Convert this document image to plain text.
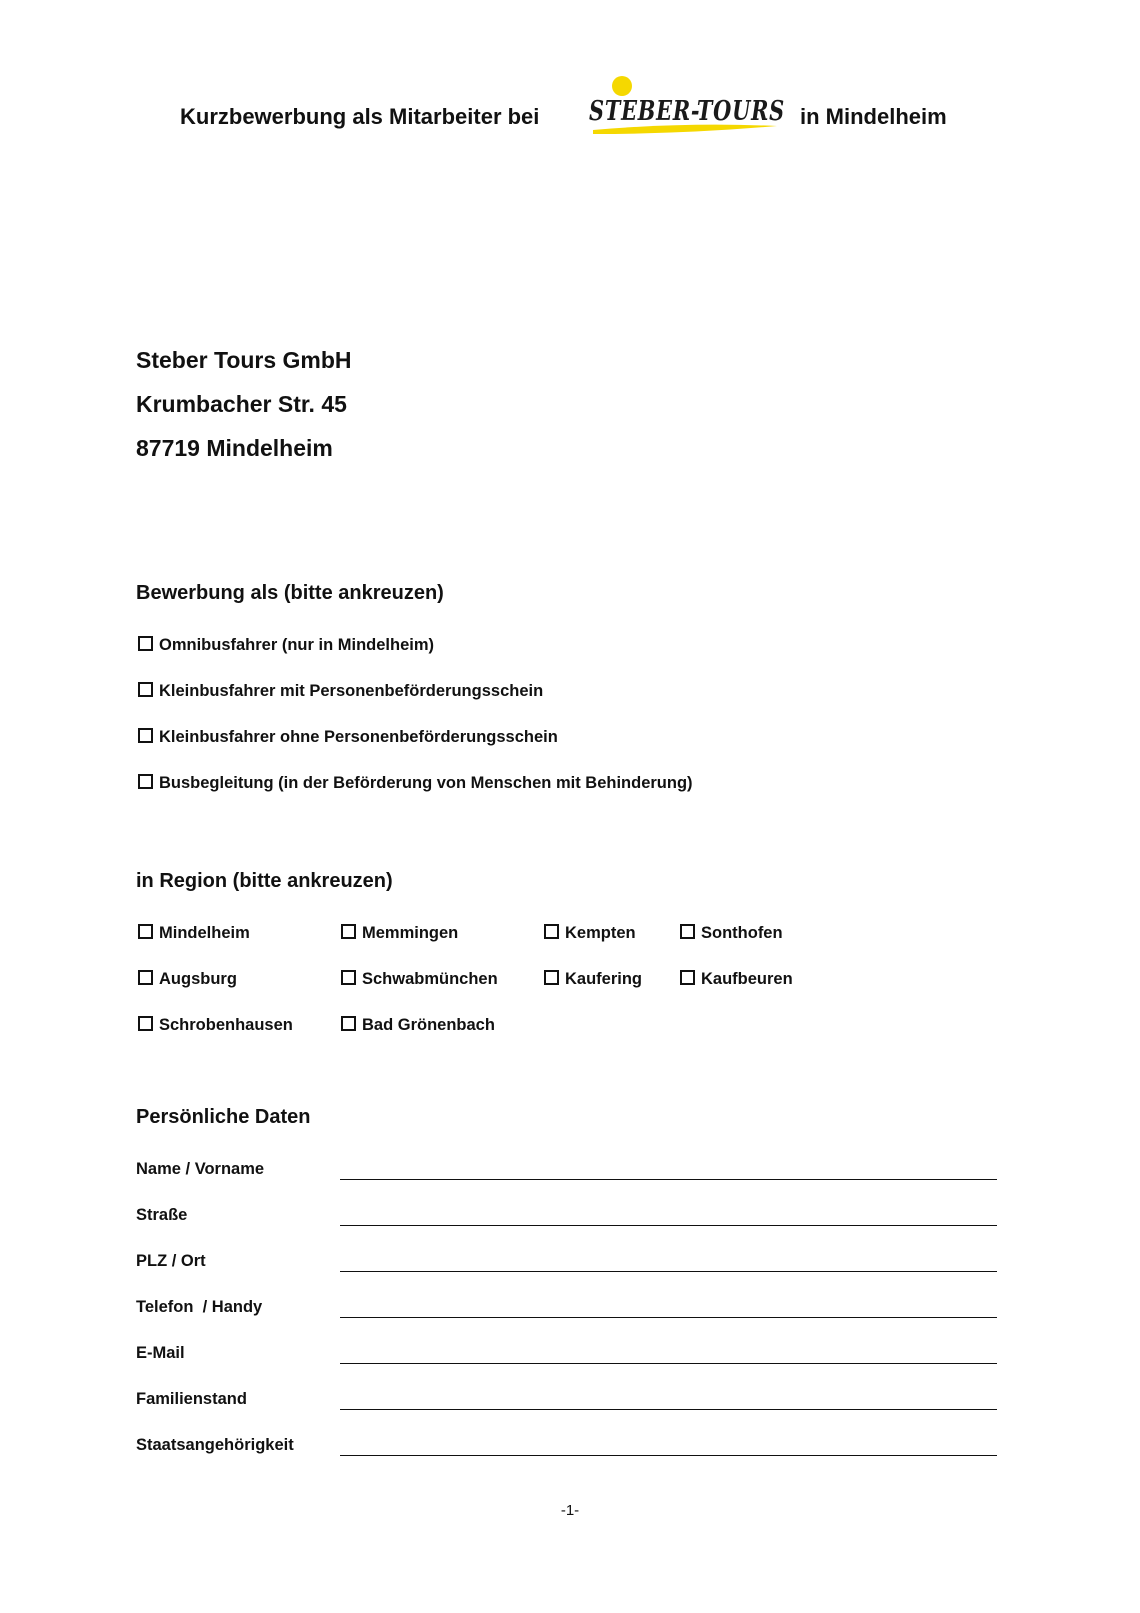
Kurzbewerbung als Mitarbeiter bei STEBER-TOURS in Mindelheim
Steber Tours GmbH
Krumbacher Str. 45
87719 Mindelheim
Bewerbung als (bitte ankreuzen)
Omnibusfahrer (nur in Mindelheim)
Kleinbusfahrer mit Personenbeförderungsschein
Kleinbusfahrer ohne Personenbeförderungsschein
Busbegleitung (in der Beförderung von Menschen mit Behinderung)
in Region (bitte ankreuzen)
Mindelheim	Memmingen	Kempten	Sonthofen
Augsburg	Schwabmünchen	Kaufering	Kaufbeuren
Schrobenhausen	Bad Grönenbach
Persönliche Daten
Name / Vorname
Straße
PLZ / Ort
Telefon  / Handy
E-Mail
Familienstand
Staatsangehörigkeit
-1-
